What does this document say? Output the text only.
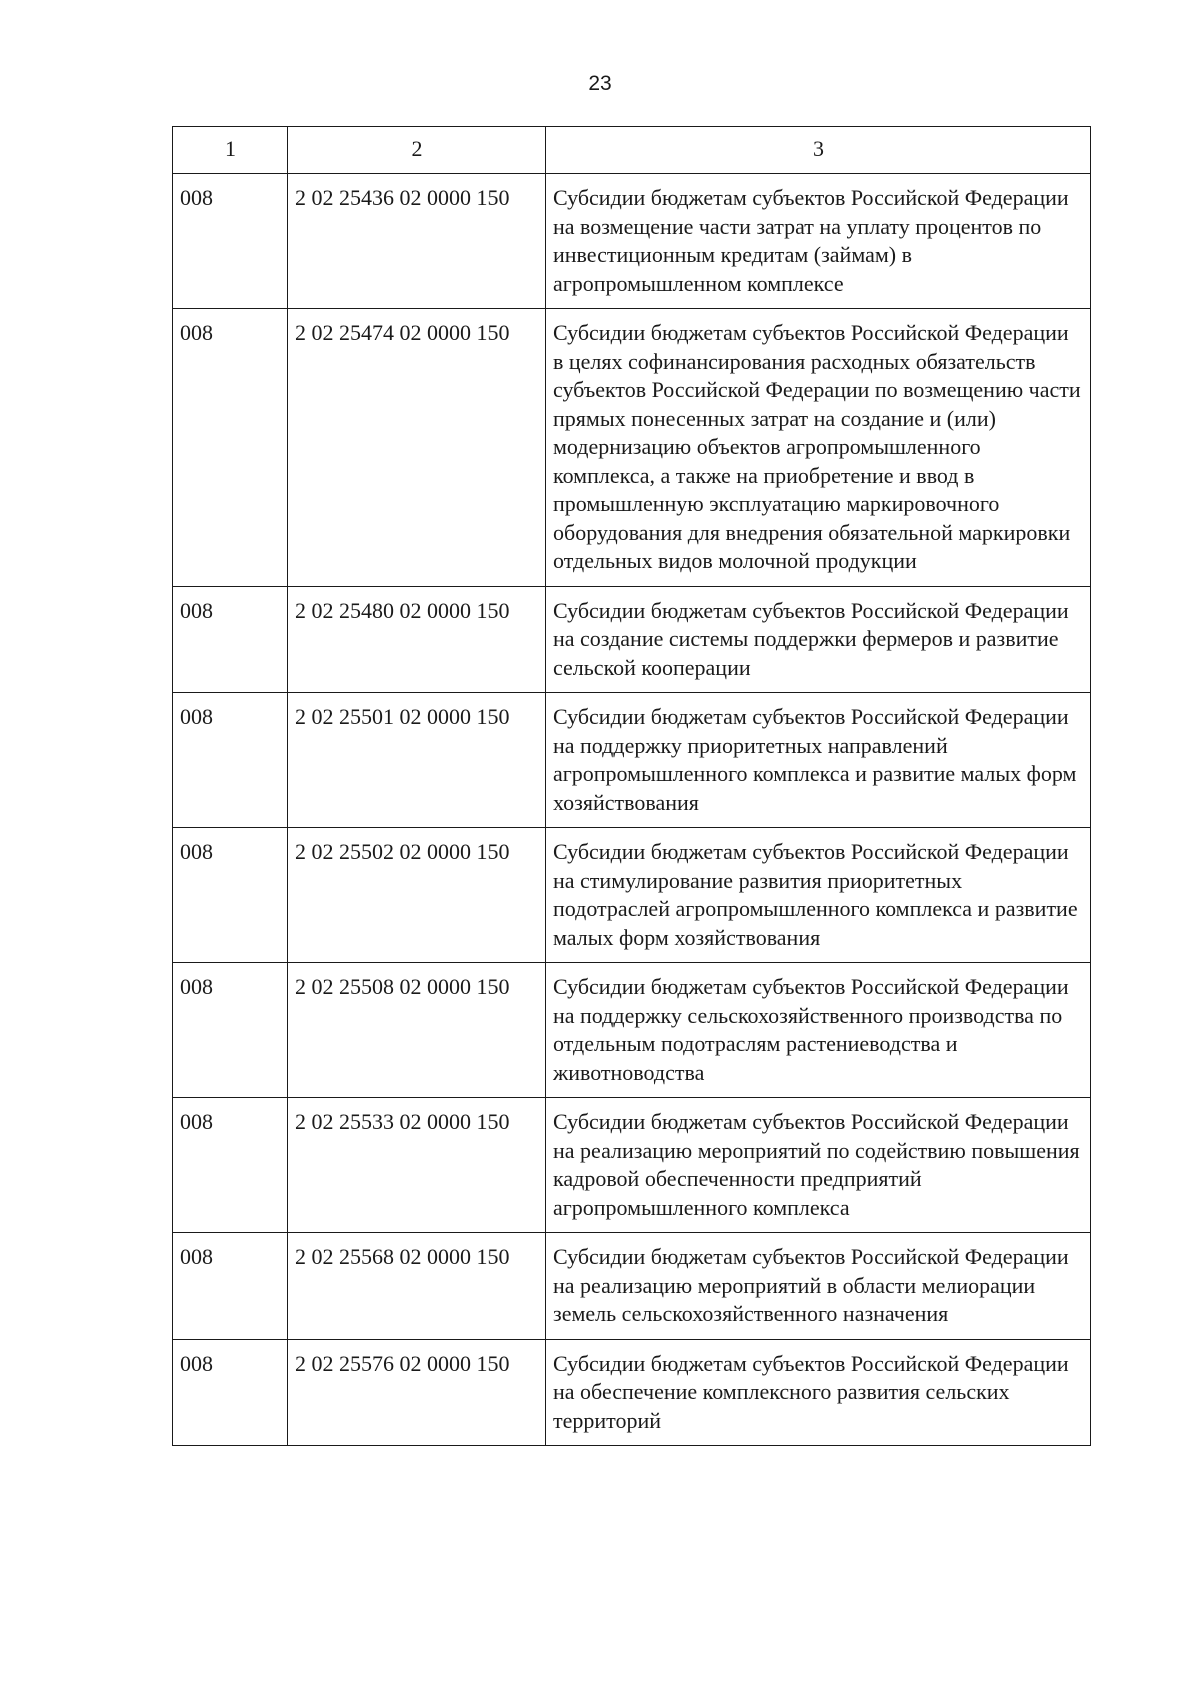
23
1	2	3
008	2 02 25436 02 0000 150	Субсидии бюджетам субъектов Российской Федерации на возмещение части затрат на уплату процентов по инвестиционным кредитам (займам) в агропромышленном комплексе
008	2 02 25474 02 0000 150	Субсидии бюджетам субъектов Российской Федерации в целях софинансирования расходных обязательств субъектов Российской Федерации по возмещению части прямых понесенных затрат на создание и (или) модернизацию объектов агропромышленного комплекса, а также на приобретение и ввод в промышленную эксплуатацию маркировочного оборудования для внедрения обязательной маркировки отдельных видов молочной продукции
008	2 02 25480 02 0000 150	Субсидии бюджетам субъектов Российской Федерации на создание системы поддержки фермеров и развитие сельской кооперации
008	2 02 25501 02 0000 150	Субсидии бюджетам субъектов Российской Федерации на поддержку приоритетных направлений агропромышленного комплекса и развитие малых форм хозяйствования
008	2 02 25502 02 0000 150	Субсидии бюджетам субъектов Российской Федерации на стимулирование развития приоритетных подотраслей агропромышленного комплекса и развитие малых форм хозяйствования
008	2 02 25508 02 0000 150	Субсидии бюджетам субъектов Российской Федерации на поддержку сельскохозяйственного производства по отдельным подотраслям растениеводства и животноводства
008	2 02 25533 02 0000 150	Субсидии бюджетам субъектов Российской Федерации на реализацию мероприятий по содействию повышения кадровой обеспеченности предприятий агропромышленного комплекса
008	2 02 25568 02 0000 150	Субсидии бюджетам субъектов Российской Федерации на реализацию мероприятий в области мелиорации земель сельскохозяйственного назначения
008	2 02 25576 02 0000 150	Субсидии бюджетам субъектов Российской Федерации на обеспечение комплексного развития сельских территорий
